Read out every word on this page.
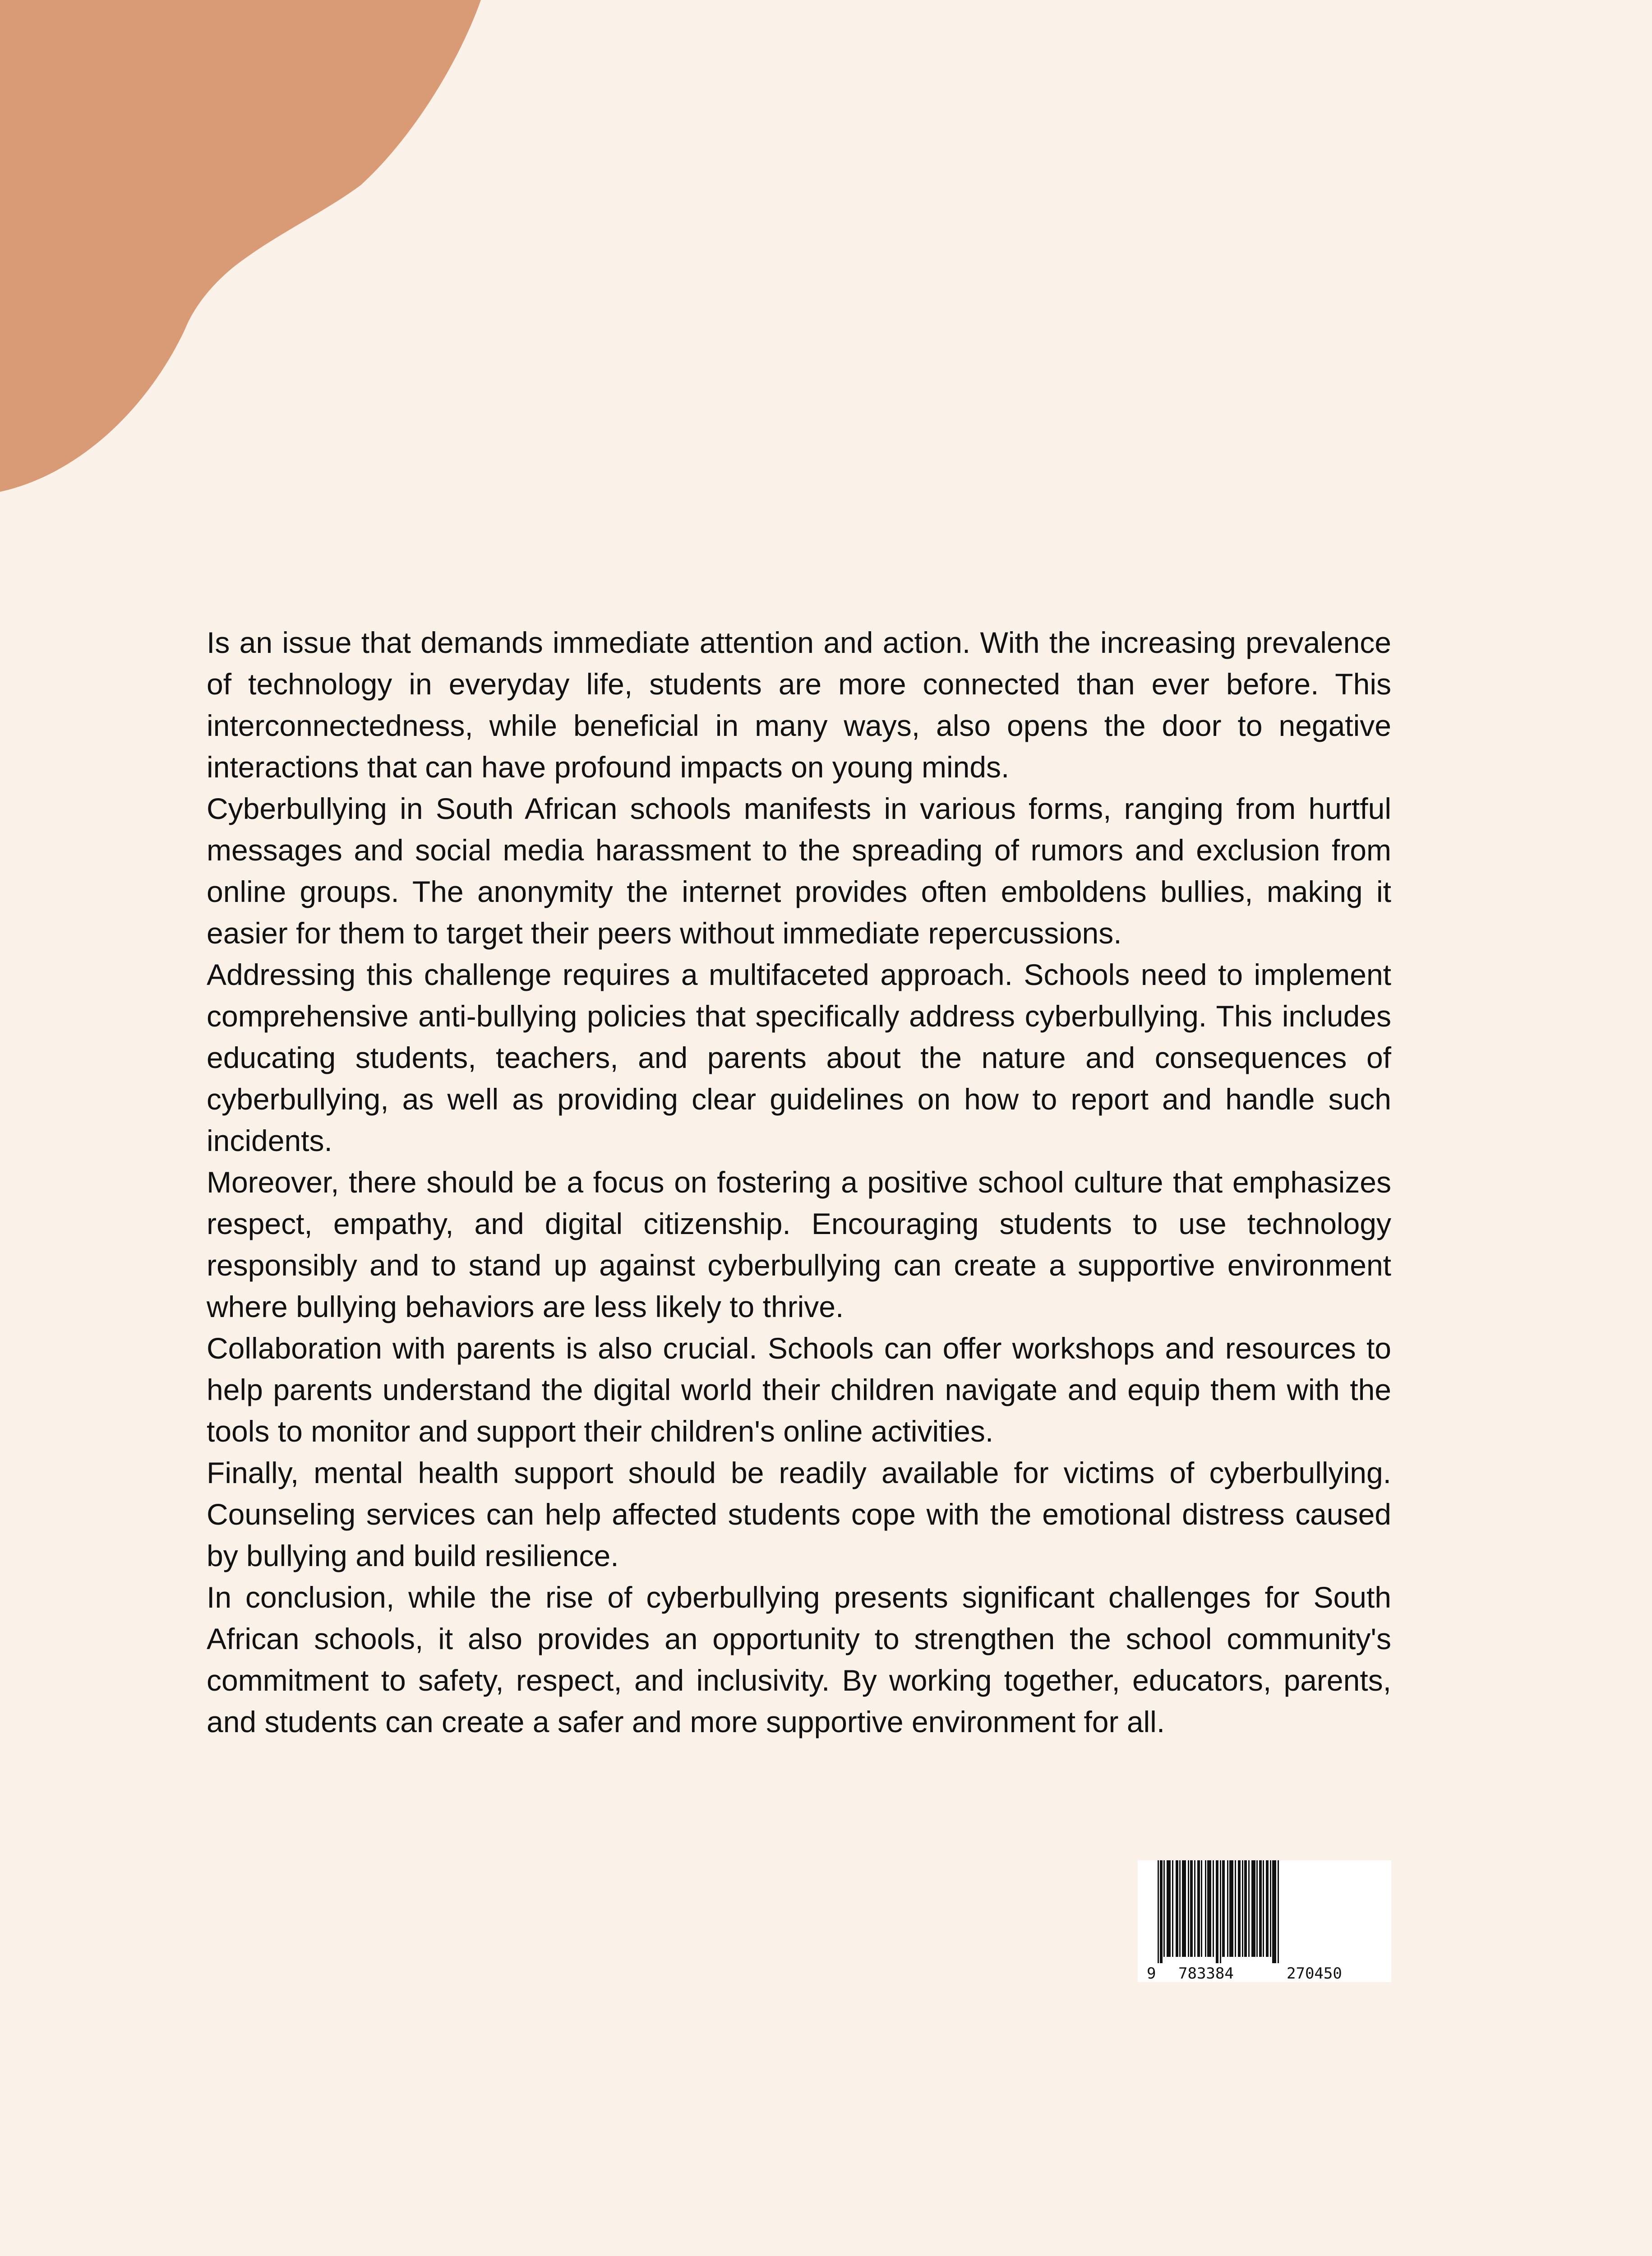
Is an issue that demands immediate attention and action. With the increasing prevalence of technology in everyday life, students are more connected than ever before. This interconnectedness, while beneficial in many ways, also opens the door to negative interactions that can have profound impacts on young minds.

Cyberbullying in South African schools manifests in various forms, ranging from hurtful messages and social media harassment to the spreading of rumors and exclusion from online groups. The anonymity the internet provides often emboldens bullies, making it easier for them to target their peers without immediate repercussions.

Addressing this challenge requires a multifaceted approach. Schools need to implement comprehensive anti-bullying policies that specifically address cyberbullying. This includes educating students, teachers, and parents about the nature and consequences of cyberbullying, as well as providing clear guidelines on how to report and handle such incidents.

Moreover, there should be a focus on fostering a positive school culture that emphasizes respect, empathy, and digital citizenship. Encouraging students to use technology responsibly and to stand up against cyberbullying can create a supportive environment where bullying behaviors are less likely to thrive.

Collaboration with parents is also crucial. Schools can offer workshops and resources to help parents understand the digital world their children navigate and equip them with the tools to monitor and support their children's online activities.

Finally, mental health support should be readily available for victims of cyberbullying. Counseling services can help affected students cope with the emotional distress caused by bullying and build resilience.

In conclusion, while the rise of cyberbullying presents significant challenges for South African schools, it also provides an opportunity to strengthen the school community's commitment to safety, respect, and inclusivity. By working together, educators, parents, and students can create a safer and more supportive environment for all.

9 783384	270450
